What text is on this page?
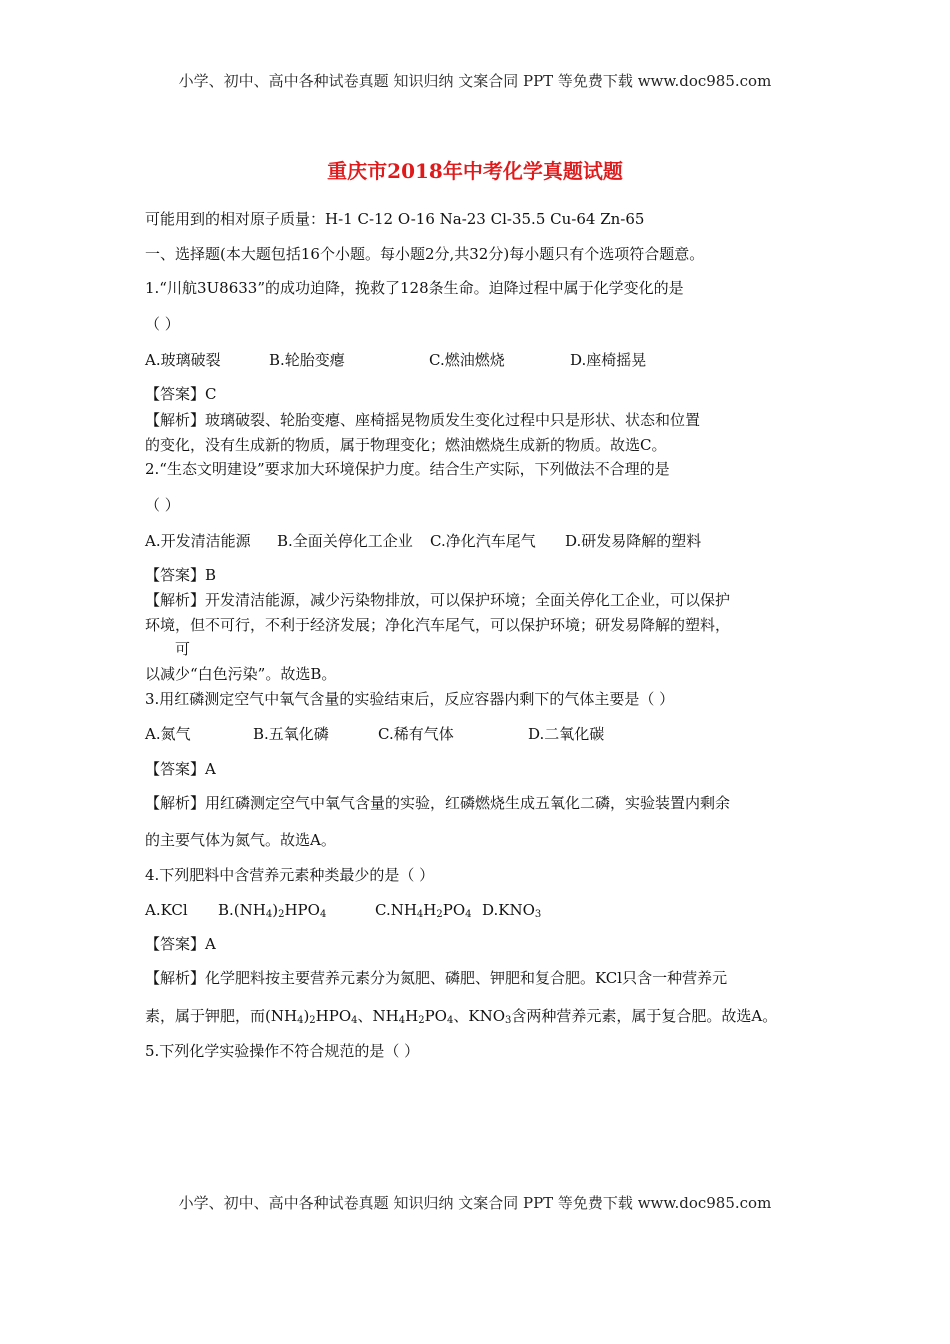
小学、初中、高中各种试卷真题 知识归纳 文案合同 PPT 等免费下载 www.doc985.com
重庆市2018年中考化学真题试题
可能用到的相对原子质量：H-1 C-12 O-16 Na-23 Cl-35.5 Cu-64 Zn-65
一、选择题(本大题包括16个小题。每小题2分,共32分)每小题只有个选项符合题意。
1.“川航3U8633”的成功迫降，挽救了128条生命。迫降过程中属于化学变化的是
（ ）
A.玻璃破裂	B.轮胎变瘪	C.燃油燃烧	D.座椅摇晃
【答案】C
【解析】玻璃破裂、轮胎变瘪、座椅摇晃物质发生变化过程中只是形状、状态和位置
的变化，没有生成新的物质，属于物理变化；燃油燃烧生成新的物质。故选C。
2.“生态文明建设”要求加大环境保护力度。结合生产实际，下列做法不合理的是
（ ）
A.开发清洁能源 B.全面关停化工企业 C.净化汽车尾气 D.研发易降解的塑料
【答案】B
【解析】开发清洁能源，减少污染物排放，可以保护环境；全面关停化工企业，可以保护
环境，但不可行，不利于经济发展；净化汽车尾气，可以保护环境；研发易降解的塑料，
可
以减少“白色污染”。故选B。
3.用红磷测定空气中氧气含量的实验结束后，反应容器内剩下的气体主要是（ ）
A.氮气	B.五氧化磷	C.稀有气体	D.二氧化碳
【答案】A
【解析】用红磷测定空气中氧气含量的实验，红磷燃烧生成五氧化二磷，实验装置内剩余
的主要气体为氮气。故选A。
4.下列肥料中含营养元素种类最少的是（ ）
A.KCl $B.(NH_4)_2HPO_4$	$C.NH_4H_2PO_4$ $D.KNO_3$
【答案】A
【解析】化学肥料按主要营养元素分为氮肥、磷肥、钾肥和复合肥。KCl只含一种营养元
素，属于钾肥，而$(NH_4)_2HPO_4$、$NH_4H_2PO_4$、$KNO_3$含两种营养元素，属于复合肥。故选A。
5.下列化学实验操作不符合规范的是（ ）
小学、初中、高中各种试卷真题 知识归纳 文案合同 PPT 等免费下载 www.doc985.com
